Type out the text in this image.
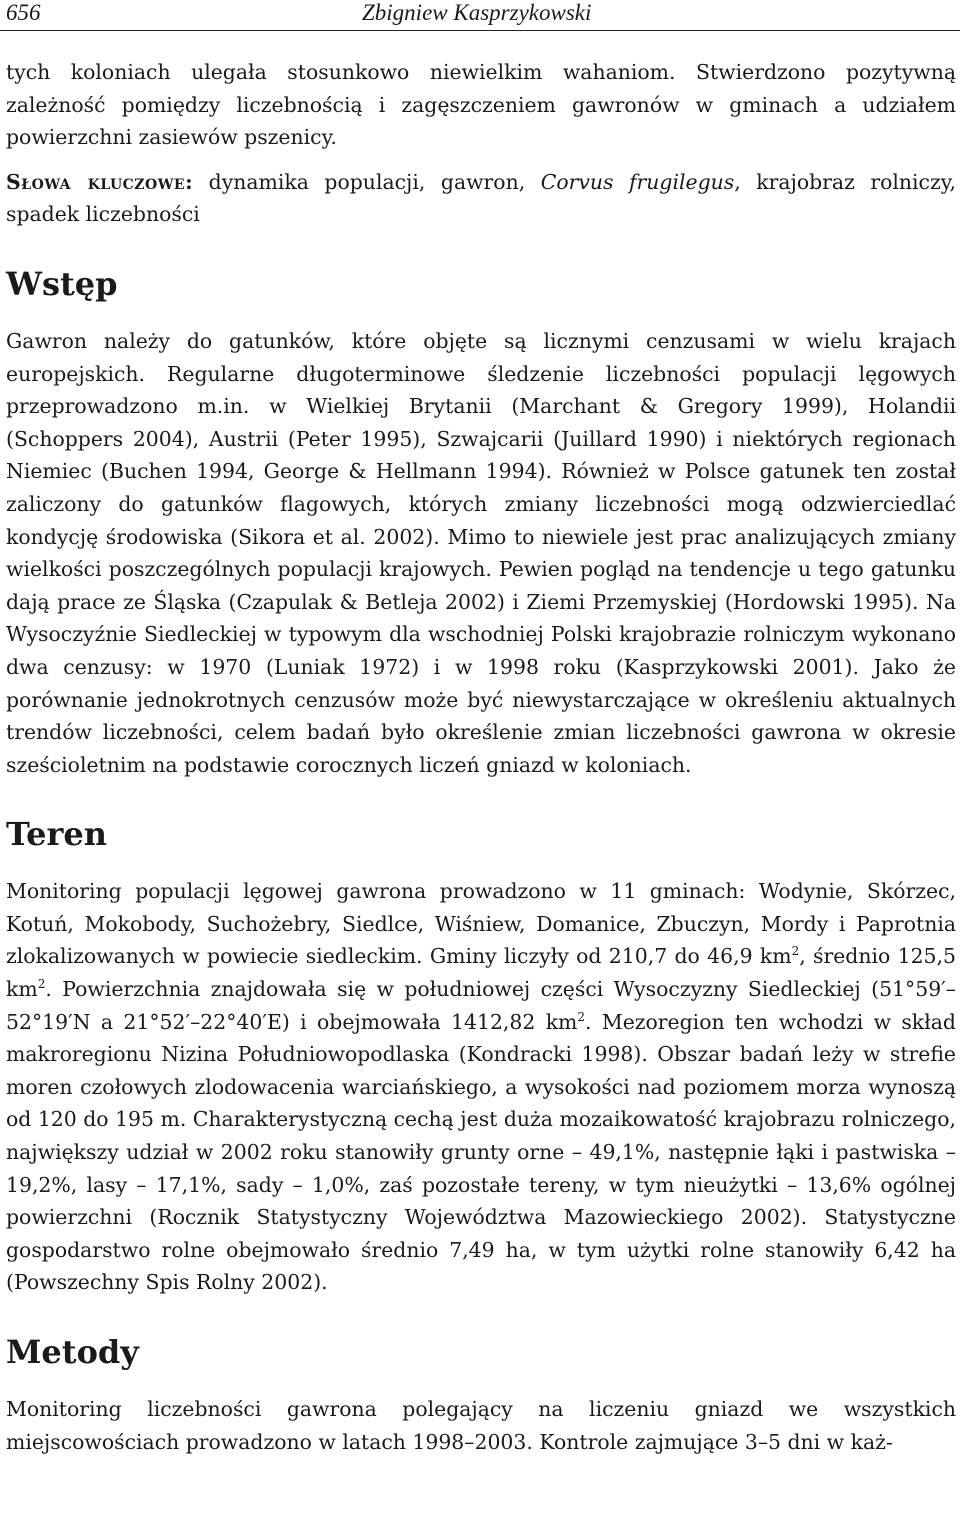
656	Zbigniew Kasprzykowski

tych koloniach ulegała stosunkowo niewielkim wahaniom. Stwierdzono pozytywną zależność pomiędzy liczebnością i zagęszczeniem gawronów w gminach a udziałem powierzchni zasiewów pszenicy.

Słowa kluczowe: dynamika populacji, gawron, Corvus frugilegus, krajobraz rolniczy, spadek liczebności

Wstęp

Gawron należy do gatunków, które objęte są licznymi cenzusami w wielu krajach europejskich. Regularne długoterminowe śledzenie liczebności populacji lęgowych przeprowadzono m.in. w Wielkiej Brytanii (Marchant & Gregory 1999), Holandii (Schoppers 2004), Austrii (Peter 1995), Szwajcarii (Juillard 1990) i niektórych regionach Niemiec (Buchen 1994, George & Hellmann 1994). Również w Polsce gatunek ten został zaliczony do gatunków flagowych, których zmiany liczebności mogą odzwierciedlać kondycję środowiska (Sikora et al. 2002). Mimo to niewiele jest prac analizujących zmiany wielkości poszczególnych populacji krajowych. Pewien pogląd na tendencje u tego gatunku dają prace ze Śląska (Czapulak & Betleja 2002) i Ziemi Przemyskiej (Hordowski 1995). Na Wysoczyźnie Siedleckiej w typowym dla wschodniej Polski krajobrazie rolniczym wykonano dwa cenzusy: w 1970 (Luniak 1972) i w 1998 roku (Kasprzykowski 2001). Jako że porównanie jednokrotnych cenzusów może być niewystarczające w określeniu aktualnych trendów liczebności, celem badań było określenie zmian liczebności gawrona w okresie sześcioletnim na podstawie corocznych liczeń gniazd w koloniach.

Teren

Monitoring populacji lęgowej gawrona prowadzono w 11 gminach: Wodynie, Skórzec, Kotuń, Mokobody, Suchożebry, Siedlce, Wiśniew, Domanice, Zbuczyn, Mordy i Paprotnia zlokalizowanych w powiecie siedleckim. Gminy liczyły od 210,7 do 46,9 $km^2$, średnio 125,5 $km^2$. Powierzchnia znajdowała się w południowej części Wysoczyzny Siedleckiej (51°59′–52°19′N a 21°52′–22°40′E) i obejmowała 1412,82 $km^2$. Mezoregion ten wchodzi w skład makroregionu Nizina Południowopodlaska (Kondracki 1998). Obszar badań leży w strefie moren czołowych zlodowacenia warciańskiego, a wysokości nad poziomem morza wynoszą od 120 do 195 m. Charakterystyczną cechą jest duża mozaikowatość krajobrazu rolniczego, największy udział w 2002 roku stanowiły grunty orne – 49,1%, następnie łąki i pastwiska – 19,2%, lasy – 17,1%, sady – 1,0%, zaś pozostałe tereny, w tym nieużytki – 13,6% ogólnej powierzchni (Rocznik Statystyczny Województwa Mazowieckiego 2002). Statystyczne gospodarstwo rolne obejmowało średnio 7,49 ha, w tym użytki rolne stanowiły 6,42 ha (Powszechny Spis Rolny 2002).

Metody

Monitoring liczebności gawrona polegający na liczeniu gniazd we wszystkich miejscowościach prowadzono w latach 1998–2003. Kontrole zajmujące 3–5 dni w każ-
